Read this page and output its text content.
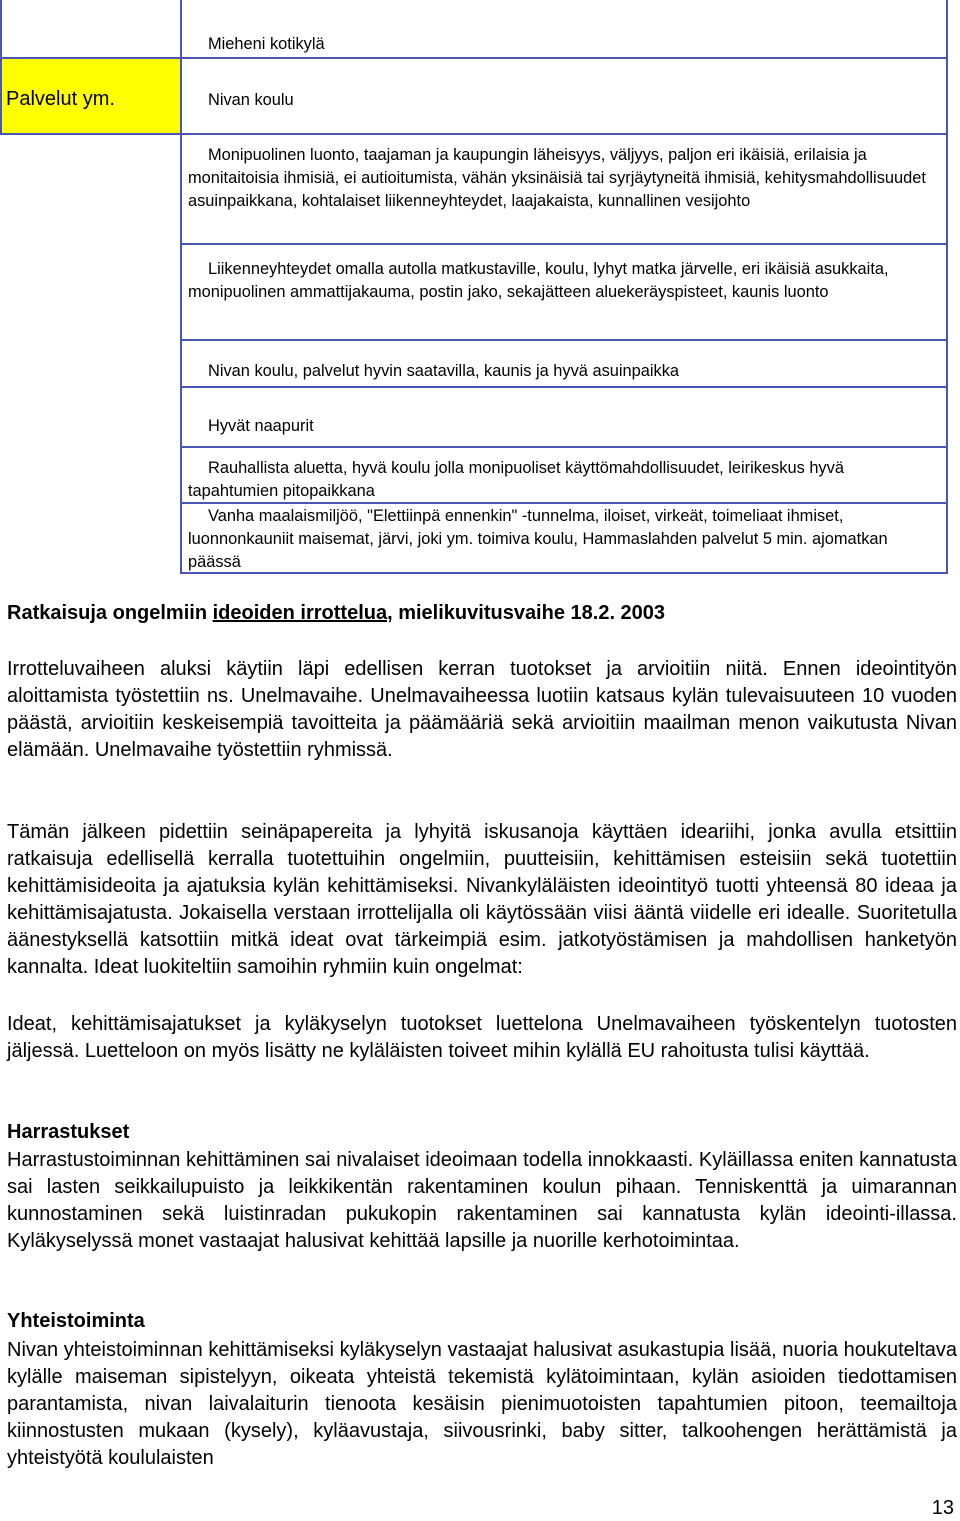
Palvelut ym.
Mieheni kotikylä
Nivan koulu
Monipuolinen luonto, taajaman ja kaupungin läheisyys, väljyys, paljon eri ikäisiä, erilaisia ja monitaitoisia ihmisiä, ei autioitumista, vähän yksinäisiä tai syrjäytyneitä ihmisiä, kehitysmahdollisuudet asuinpaikkana, kohtalaiset liikenneyhteydet, laajakaista, kunnallinen vesijohto
Liikenneyhteydet omalla autolla matkustaville, koulu, lyhyt matka järvelle, eri ikäisiä asukkaita, monipuolinen ammattijakauma, postin jako, sekajätteen aluekeräyspisteet, kaunis luonto
Nivan koulu, palvelut hyvin saatavilla, kaunis ja hyvä asuinpaikka
Hyvät naapurit
Rauhallista aluetta, hyvä koulu jolla monipuoliset käyttömahdollisuudet, leirikeskus hyvä tapahtumien pitopaikkana
Vanha maalaismiljöö, "Elettiinpä ennenkin" -tunnelma, iloiset, virkeät, toimeliaat ihmiset, luonnonkauniit maisemat, järvi, joki ym. toimiva koulu, Hammaslahden palvelut 5 min. ajomatkan päässä
Ratkaisuja ongelmiin ideoiden irrottelua, mielikuvitusvaihe 18.2. 2003
Irrotteluvaiheen aluksi käytiin läpi edellisen kerran tuotokset ja arvioitiin niitä. Ennen ideointityön aloittamista työstettiin ns. Unelmavaihe. Unelmavaiheessa luotiin katsaus kylän tulevaisuuteen 10 vuoden päästä, arvioitiin keskeisempiä tavoitteita ja päämääriä sekä arvioitiin maailman menon vaikutusta Nivan elämään. Unelmavaihe työstettiin ryhmissä.
Tämän jälkeen pidettiin seinäpapereita ja lyhyitä iskusanoja käyttäen ideariihi, jonka avulla etsittiin ratkaisuja edellisellä kerralla tuotettuihin ongelmiin, puutteisiin, kehittämisen esteisiin sekä tuotettiin kehittämisideoita ja ajatuksia kylän kehittämiseksi. Nivankyläläisten ideointityö tuotti yhteensä 80 ideaa ja kehittämisajatusta. Jokaisella verstaan irrottelijalla oli käytössään viisi ääntä viidelle eri idealle. Suoritetulla äänestyksellä katsottiin mitkä ideat ovat tärkeimpiä esim. jatkotyöstämisen ja mahdollisen hanketyön kannalta. Ideat luokiteltiin samoihin ryhmiin kuin ongelmat:
Ideat, kehittämisajatukset ja kyläkyselyn tuotokset luettelona Unelmavaiheen työskentelyn tuotosten jäljessä. Luetteloon on myös lisätty ne kyläläisten toiveet mihin kylällä EU rahoitusta tulisi käyttää.
Harrastukset
Harrastustoiminnan kehittäminen sai nivalaiset ideoimaan todella innokkaasti. Kyläillassa eniten kannatusta sai lasten seikkailupuisto ja leikkikentän rakentaminen koulun pihaan. Tenniskenttä ja uimarannan kunnostaminen sekä luistinradan pukukopin rakentaminen sai kannatusta kylän ideointi-illassa. Kyläkyselyssä monet vastaajat halusivat kehittää lapsille ja nuorille kerhotoimintaa.
Yhteistoiminta
Nivan yhteistoiminnan kehittämiseksi kyläkyselyn vastaajat halusivat asukastupia lisää, nuoria houkuteltava kylälle maiseman sipistelyyn, oikeata yhteistä tekemistä kylätoimintaan, kylän asioiden tiedottamisen parantamista, nivan laivalaiturin tienoota kesäisin pienimuotoisten tapahtumien pitoon, teemailtoja kiinnostusten mukaan (kysely), kyläavustaja, siivousrinki, baby sitter, talkoohengen herättämistä ja yhteistyötä koululaisten
13
